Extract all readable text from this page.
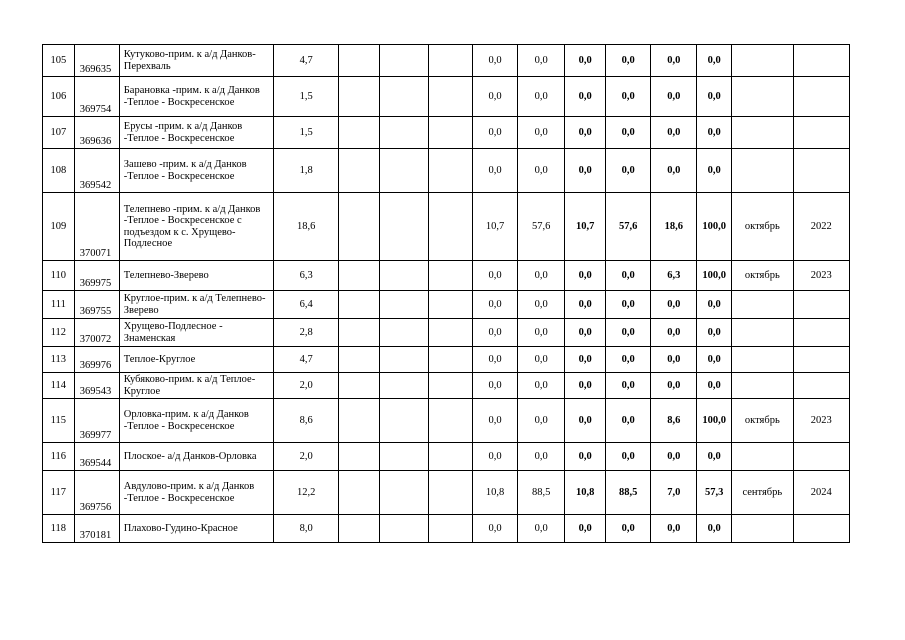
105	369635	Кутуково-прим. к а/д Данков-Перехваль	4,7				0,0	0,0	0,0	0,0	0,0	0,0		
106	369754	Барановка -прим. к а/д Данков -Теплое - Воскресенское	1,5				0,0	0,0	0,0	0,0	0,0	0,0		
107	369636	Ерусы -прим. к а/д Данков -Теплое - Воскресенское	1,5				0,0	0,0	0,0	0,0	0,0	0,0		
108	369542	Зашево -прим. к а/д Данков -Теплое - Воскресенское	1,8				0,0	0,0	0,0	0,0	0,0	0,0		
109	370071	Телепнево -прим. к а/д Данков -Теплое - Воскресенское с подъездом к с. Хрущево-Подлесное	18,6				10,7	57,6	10,7	57,6	18,6	100,0	октябрь	2022
110	369975	Телепнево-Зверево	6,3				0,0	0,0	0,0	0,0	6,3	100,0	октябрь	2023
111	369755	Круглое-прим. к а/д Телепнево-Зверево	6,4				0,0	0,0	0,0	0,0	0,0	0,0		
112	370072	Хрущево-Подлесное - Знаменская	2,8				0,0	0,0	0,0	0,0	0,0	0,0		
113	369976	Теплое-Круглое	4,7				0,0	0,0	0,0	0,0	0,0	0,0		
114	369543	Кубяково-прим. к а/д Теплое-Круглое	2,0				0,0	0,0	0,0	0,0	0,0	0,0		
115	369977	Орловка-прим. к а/д Данков -Теплое - Воскресенское	8,6				0,0	0,0	0,0	0,0	8,6	100,0	октябрь	2023
116	369544	Плоское- а/д Данков-Орловка	2,0				0,0	0,0	0,0	0,0	0,0	0,0		
117	369756	Авдулово-прим. к а/д Данков -Теплое - Воскресенское	12,2				10,8	88,5	10,8	88,5	7,0	57,3	сентябрь	2024
118	370181	Плахово-Гудино-Красное	8,0				0,0	0,0	0,0	0,0	0,0	0,0		
